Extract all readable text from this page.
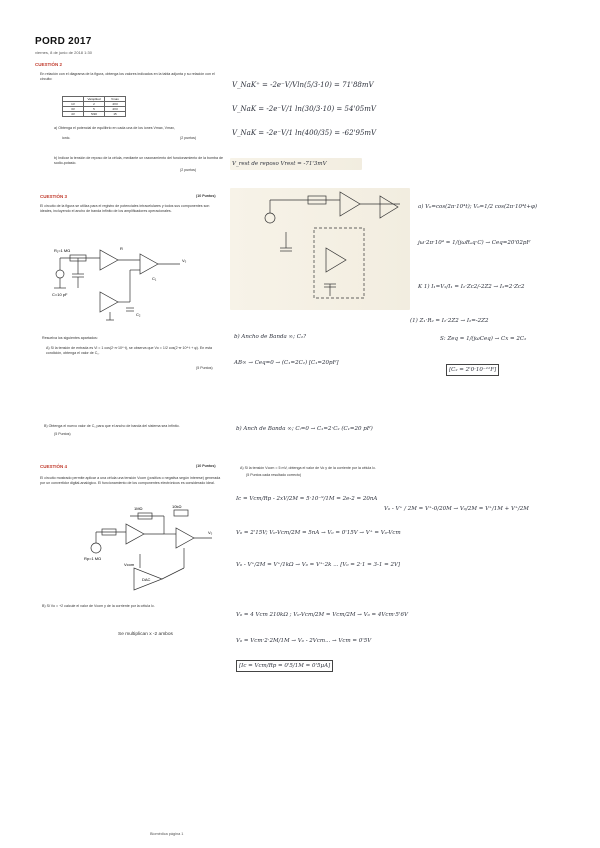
PORD 2017
viernes, 8 de junio de 2018 1:30
CUESTIÓN 2
En relación con el diagrama de la figura, obtenga los valores indicados en la tabla adjunta y su relación con el circuito:
	Vamplitud	Vmax
1V	2	4V3
3V	5	4V3
4V	5/20	15
a) Obtenga el potencial de equilibrio en cada una de los iones Vmax, Vmax,
ionic.	(2 puntos)
b) Indicar la tensión de reposo de la célula, mediante un razonamiento del funcionamiento de la bomba de sodio-potasio.
(2 puntos)
V_NaK⁺ = -2e⁻V/Vln(5/3·10) = 71'88mV
V_NaK = -2e⁻V/1 ln(30/3·10) = 54'05mV
V_NaK = -2e⁻V/1 ln(400/35) = -62'95mV
V_rest de reposo Vrest = -71'3mV
CUESTIÓN 3	(10 Puntos)
El circuito de la figura se utiliza para el registro de potenciales intracelulares y todos sus componentes son ideales, incluyendo el ancho de banda infinito de los amplificadores operacionales.
R₁=1 MΩ
C=10 pF
V₀
C₂
C₁
R
Resuelva los siguientes apartados:
A) Si la tensión de entrada es Vi = 1 cos(2·π·10⁴·t), se observa que Vo = 1/2 cos(2·π·10⁴·t + φ). En esta condición, obtenga el valor de C₁.
(5 Puntos)
B) Obtenga el nuevo valor de C₁ para que el ancho de banda del sistema sea infinito.
(5 Puntos)
a) V₀=cos(2π·10⁴t); V₀=1/2 cos(2π·10⁴t+φ)
jω·2π·10⁴ = 1/(jωRₑq·C) → Ceq=20'02pF
K 1) I₁=V₂/I₁ = I₂·Zc2/-2Z2 → I₂=2·Zc2
(1) Z₁·R₂ = I₂·2Z2 → I₂=-2Z2
S: Zeq = 1/(jωCeq) → Cx = 2C₂
[C₂ = 2'0·10⁻¹¹F]
b) Ancho de Banda ∞; C₂?
AB∞ → Ceq=0 → (C₁=2C₂) [C₁=20pF]
b) Anch de Banda ∞; Cᵢ=0 → C₁=2·C₂ (C₁=20 pF)
CUESTIÓN 4	(10 Puntos)
El circuito mostrado permite aplicar a una célula una tensión Vcom (positiva o negativa según interese) generada por un convertidor digital-analógico. El funcionamiento de los componentes electrónicos es considerado ideal.
1MΩ
Rp=1 MΩ
10kΩ
V₀
Vcom
DAC
A) Si la tensión Vcom = 5 mV, obtenga el valor de Vo y de la corriente por la célula Ic.
(5 Puntos cada resultado correcto)
B) Si Vo = +2 calcule el valor de Vcom y de la corriente por la célula Ic.
Se multiplican x -2 ambos
Ic = Vcm/Rp - 2xV/2M = 5·10⁻⁹/1M = 2e-2 = 20nA
V₀ - V⁺ / 2M = V⁺-0/20M → V₀/2M = V⁺/1M + V⁺/2M
V₀ = 2'15V; V₀-Vcm/2M = 5nA → V₀ = 0'15V → V⁺ = V₀-Vcm
V₀ - V⁺/2M = V⁺/1kΩ → V₀ = V⁺·2k ... [V₀ = 2·1 = 3-1 = 2V]
V₀ = 4 Vcm 210kΩ ; V₀-Vcm/2M = Vcm/2M → V₀ = 4Vcm·5'6V
V₀ = Vcm·2·2M/1M → V₀ - 2Vcm... → Vcm = 0'5V
[Ic = Vcm/Rp = 0'5/1M = 0'5μA]
Biomédica página 1
